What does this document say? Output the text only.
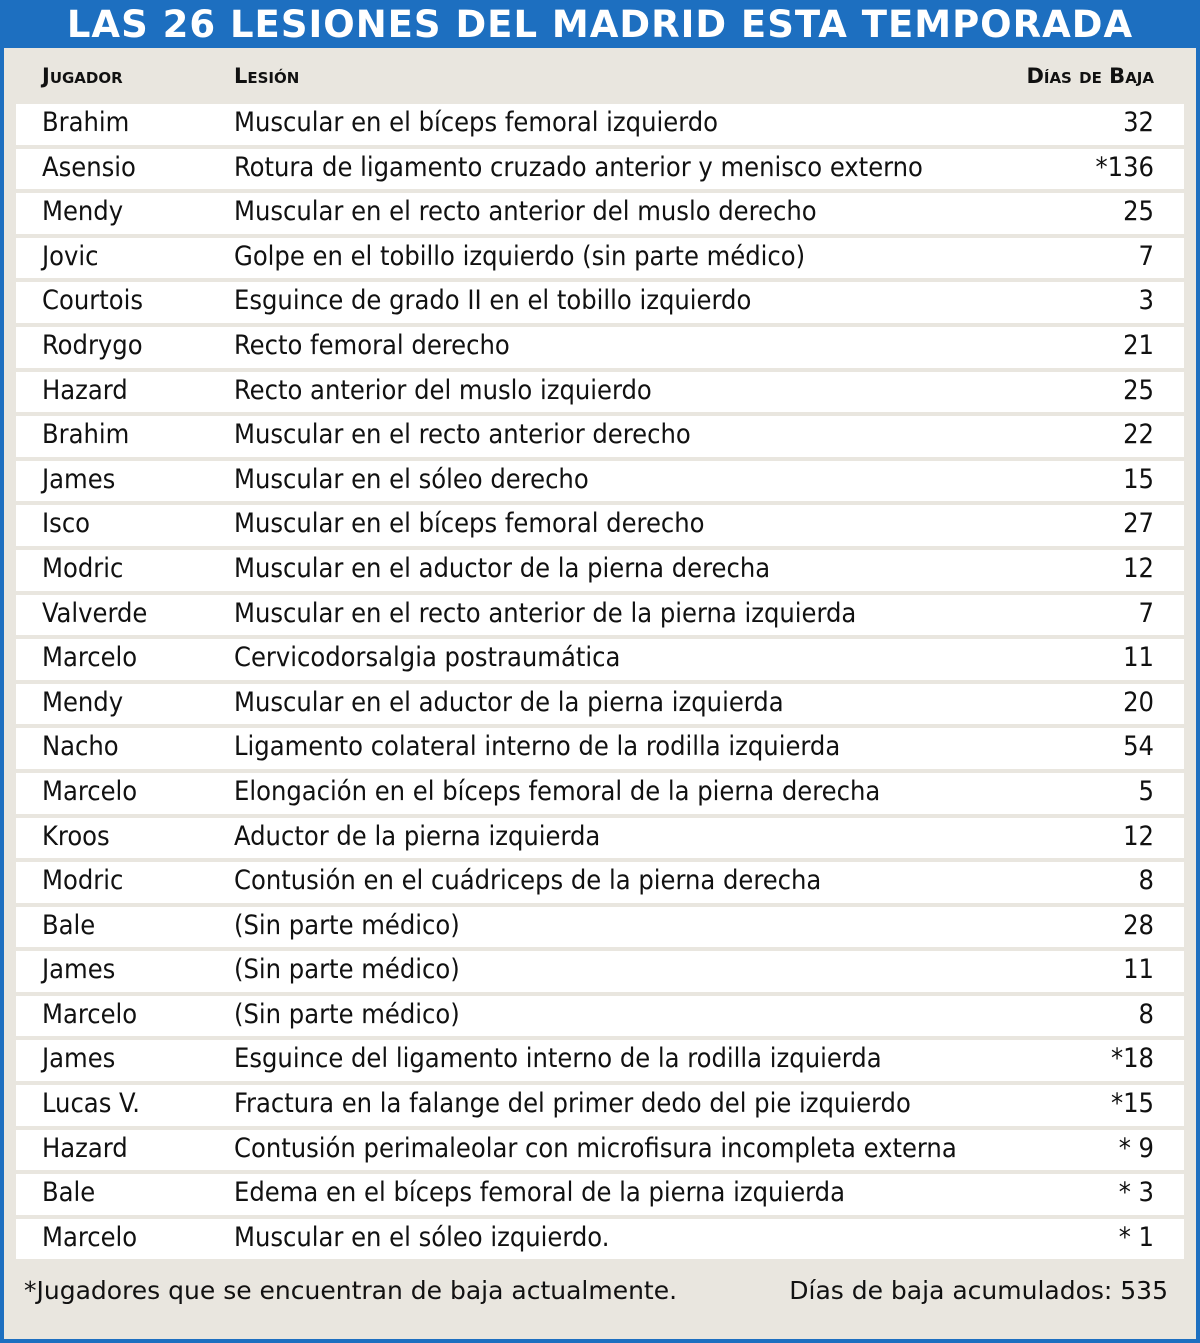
LAS 26 LESIONES DEL MADRID ESTA TEMPORADA
Jugador	Lesión	Días de Baja
Brahim	Muscular en el bíceps femoral izquierdo	32
Asensio	Rotura de ligamento cruzado anterior y menisco externo	*136
Mendy	Muscular en el recto anterior del muslo derecho	25
Jovic	Golpe en el tobillo izquierdo (sin parte médico)	7
Courtois	Esguince de grado II en el tobillo izquierdo	3
Rodrygo	Recto femoral derecho	21
Hazard	Recto anterior del muslo izquierdo	25
Brahim	Muscular en el recto anterior derecho	22
James	Muscular en el sóleo derecho	15
Isco	Muscular en el bíceps femoral derecho	27
Modric	Muscular en el aductor de la pierna derecha	12
Valverde	Muscular en el recto anterior de la pierna izquierda	7
Marcelo	Cervicodorsalgia postraumática	11
Mendy	Muscular en el aductor de la pierna izquierda	20
Nacho	Ligamento colateral interno de la rodilla izquierda	54
Marcelo	Elongación en el bíceps femoral de la pierna derecha	5
Kroos	Aductor de la pierna izquierda	12
Modric	Contusión en el cuádriceps de la pierna derecha	8
Bale	(Sin parte médico)	28
James	(Sin parte médico)	11
Marcelo	(Sin parte médico)	8
James	Esguince del ligamento interno de la rodilla izquierda	*18
Lucas V.	Fractura en la falange del primer dedo del pie izquierdo	*15
Hazard	Contusión perimaleolar con microfisura incompleta externa	* 9
Bale	Edema en el bíceps femoral de la pierna izquierda	* 3
Marcelo	Muscular en el sóleo izquierdo.	* 1
*Jugadores que se encuentran de baja actualmente.	Días de baja acumulados: 535
